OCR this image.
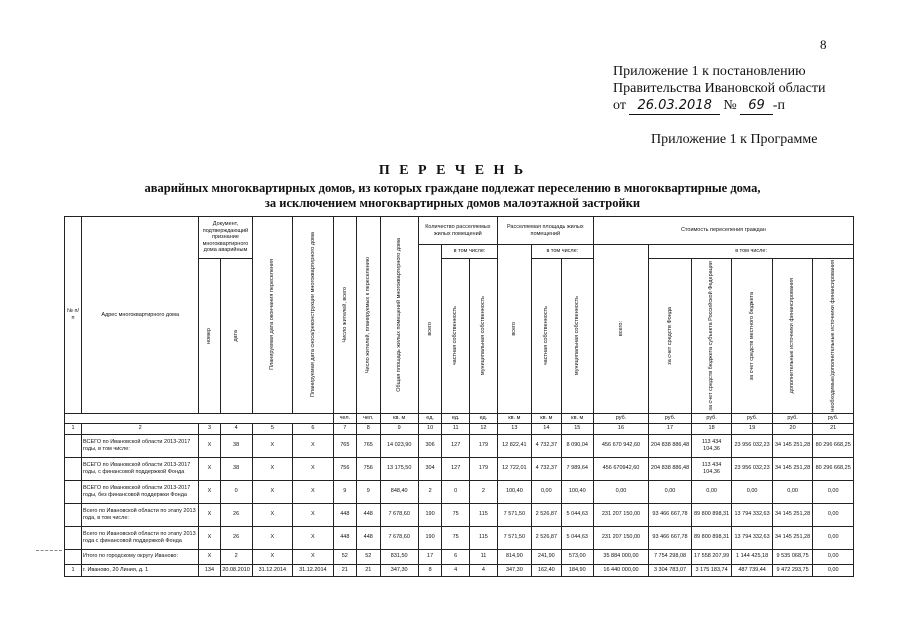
8
Приложение 1 к постановлению
Правительства Ивановской области
от 26.03.2018 № 69 -п
Приложение 1 к Программе
П Е Р Е Ч Е Н Ь
аварийных многоквартирных домов, из которых граждане подлежат переселению в многоквартирные дома,
за исключением многоквартирных домов малоэтажной застройки
№ п/п	Адрес многоквартирного дома	Документ, подтверждающий признание многоквартирного дома аварийным		Планируемая дата окончания переселения	Планируемая дата сноса/реконструкции многоквартирного дома	Число жителей, всего	Число жителей, планируемых к переселению	Общая площадь жилых помещений многоквартирного дома	Количество расселяемых жилых помещений			Расселяемая площадь жилых помещений			Стоимость переселения граждан					

									всего	в том числе:		всего	в том числе:		всего:	в том числе:				

		номер	дата							частная собственность	муниципальная собственность		частная собственность	муниципальная собственность		за счет средств Фонда	за счет средств бюджета субъекта Российской Федерации	за счет средств местного бюджета	дополнительные источники финансирования	необходимые/дополнительные источники финансирования

						чел.	чел.	кв. м	ед.	ед.	ед.	кв. м	кв. м	кв. м	руб.	руб.	руб.	руб.	руб.	руб.
1	2	3	4	5	6	7	8	9	10	11	12	13	14	15	16	17	18	19	20	21
	ВСЕГО по Ивановской области 2013-2017 годы, в том числе:	X	38	X	X	765	765	14 023,90	306	127	179	12 822,41	4 732,37	8 090,04	456 670 942,60	204 838 886,48	113 434 104,36	23 956 032,23	34 145 251,28	80 296 668,25
	ВСЕГО по Ивановской области 2013-2017 годы, с финансовой поддержкой Фонда	X	38	X	X	756	756	13 175,50	304	127	179	12 722,01	4 732,37	7 989,64	456 670942,60	204 838 886,48	113 434 104,36	23 956 032,23	34 145 251,28	80 296 668,25
	ВСЕГО по Ивановской области 2013-2017 годы, без финансовой поддержки Фонда	X	0	X	X	9	9	848,40	2	0	2	100,40	0,00	100,40	0,00	0,00	0,00	0,00	0,00	0,00
	Всего по Ивановской области по этапу 2013 года, в том числе:	X	26	X	X	448	448	7 678,60	190	75	115	7 571,50	2 526,87	5 044,63	231 207 150,00	93 466 667,78	89 800 898,31	13 794 332,63	34 145 251,28	0,00
	Всего по Ивановской области по этапу 2013 года с финансовой поддержкой Фонда	X	26	X	X	448	448	7 678,60	190	75	115	7 571,50	2 526,87	5 044,63	231 207 150,00	93 466 667,78	89 800 898,31	13 794 332,63	34 145 251,28	0,00
	Итого по городскому округу Иваново:	X	2	X	X	52	52	831,50	17	6	11	814,90	241,90	573,00	35 884 000,00	7 754 298,08	17 558 207,99	1 144 425,18	9 535 068,75	0,00
1	г. Иваново, 20 Линия, д. 1	134	20.08.2010	31.12.2014	31.12.2014	21	21	347,30	8	4	4	347,30	162,40	184,90	16 440 000,00	3 304 783,07	3 175 183,74	487 739,44	9 472 293,75	0,00
